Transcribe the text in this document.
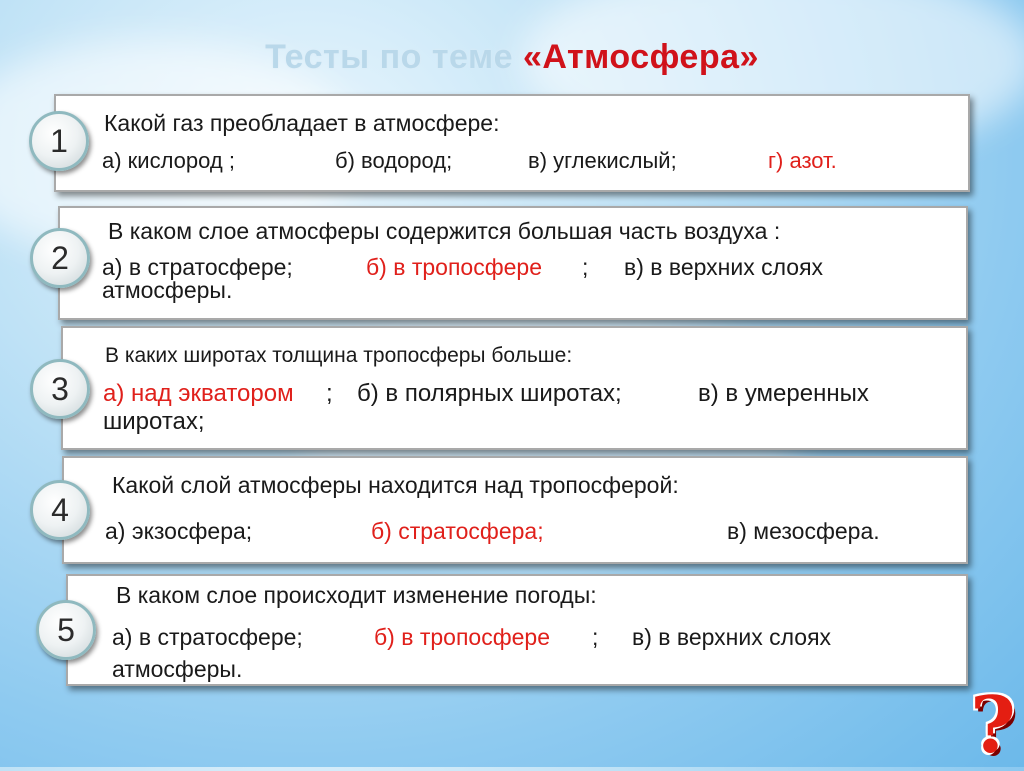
Тесты по теме «Атмосфера»
Какой газ преобладает в атмосфере:
а) кислород ;	б) водород;	в) углекислый;	г) азот.
1
В каком слое атмосферы содержится большая часть воздуха :
а) в стратосфере;	б) в тропосфере ; в) в верхних слоях
атмосферы.
2
В каких широтах толщина тропосферы больше:
а) над экватором ; б) в полярных широтах;	в) в умеренных
широтах;
3
Какой слой атмосферы находится над тропосферой:
а) экзосфера;	б) стратосфера;	в) мезосфера.
4
В каком слое происходит изменение погоды:
а) в стратосфере;	б) в тропосфере ; в) в верхних слоях
атмосферы.
5
?
